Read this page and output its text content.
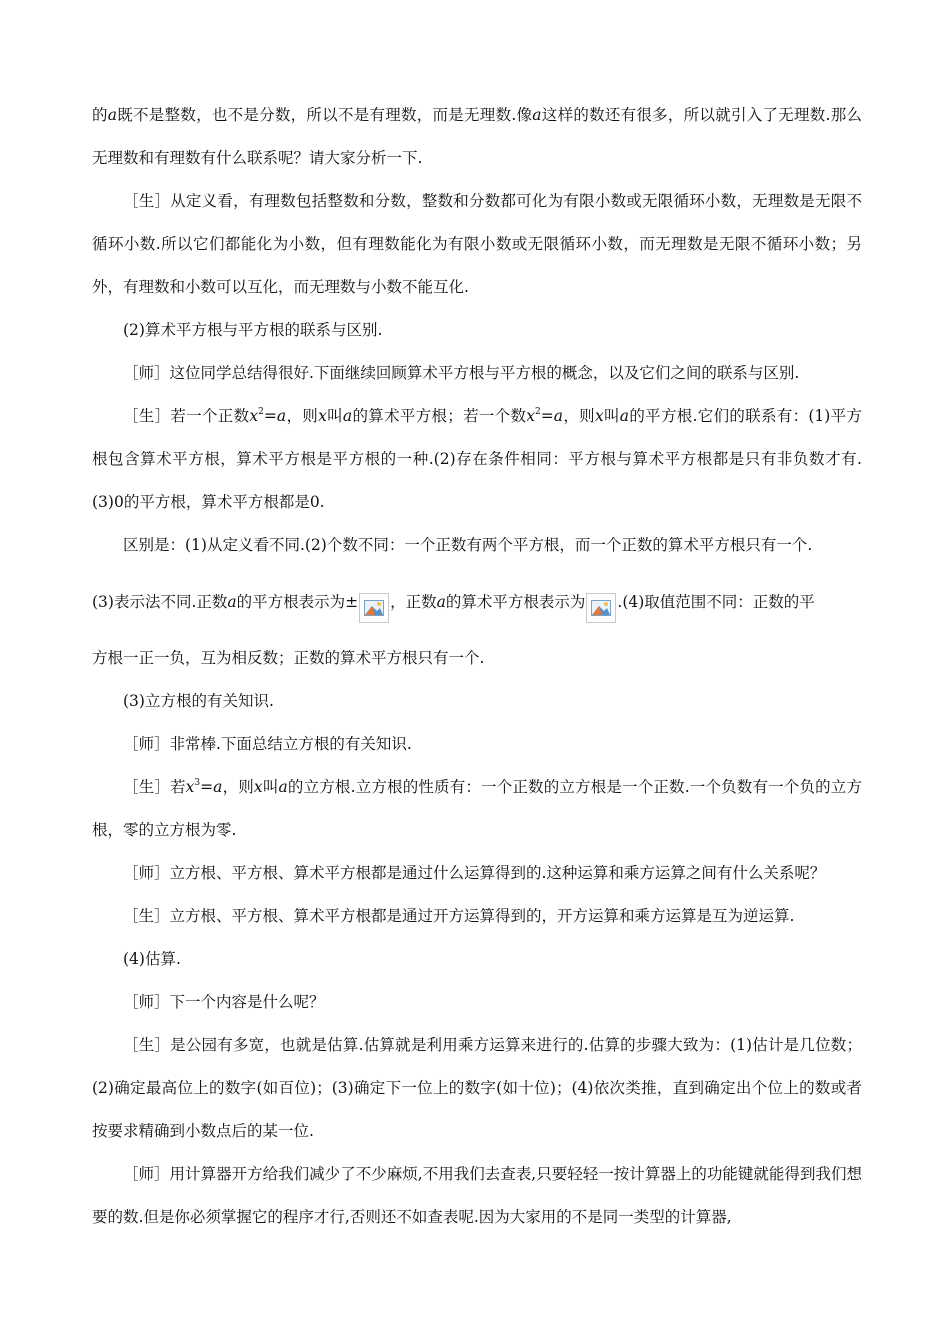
的a既不是整数，也不是分数，所以不是有理数，而是无理数.像a这样的数还有很多，所以就引入了无理数.那么无理数和有理数有什么联系呢？请大家分析一下.

［生］从定义看，有理数包括整数和分数，整数和分数都可化为有限小数或无限循环小数，无理数是无限不循环小数.所以它们都能化为小数，但有理数能化为有限小数或无限循环小数，而无理数是无限不循环小数；另外，有理数和小数可以互化，而无理数与小数不能互化.

(2)算术平方根与平方根的联系与区别.

［师］这位同学总结得很好.下面继续回顾算术平方根与平方根的概念，以及它们之间的联系与区别.

［生］若一个正数$x^2=a$，则x叫a的算术平方根；若一个数$x^2=a$，则x叫a的平方根.它们的联系有：(1)平方根包含算术平方根，算术平方根是平方根的一种.(2)存在条件相同：平方根与算术平方根都是只有非负数才有.(3)0的平方根，算术平方根都是0.

区别是：(1)从定义看不同.(2)个数不同：一个正数有两个平方根，而一个正数的算术平方根只有一个.

(3)表示法不同.正数a的平方根表示为± ，正数a的算术平方根表示为 .(4)取值范围不同：正数的平

方根一正一负，互为相反数；正数的算术平方根只有一个.

(3)立方根的有关知识.

［师］非常棒.下面总结立方根的有关知识.

［生］若$x^3=a$，则x叫a的立方根.立方根的性质有：一个正数的立方根是一个正数.一个负数有一个负的立方根，零的立方根为零.

［师］立方根、平方根、算术平方根都是通过什么运算得到的.这种运算和乘方运算之间有什么关系呢？

［生］立方根、平方根、算术平方根都是通过开方运算得到的，开方运算和乘方运算是互为逆运算.

(4)估算.

［师］下一个内容是什么呢？

［生］是公园有多宽，也就是估算.估算就是利用乘方运算来进行的.估算的步骤大致为：(1)估计是几位数；(2)确定最高位上的数字(如百位)；(3)确定下一位上的数字(如十位)；(4)依次类推，直到确定出个位上的数或者按要求精确到小数点后的某一位.

［师］用计算器开方给我们减少了不少麻烦,不用我们去查表,只要轻轻一按计算器上的功能键就能得到我们想要的数.但是你必须掌握它的程序才行,否则还不如查表呢.因为大家用的不是同一类型的计算器,
